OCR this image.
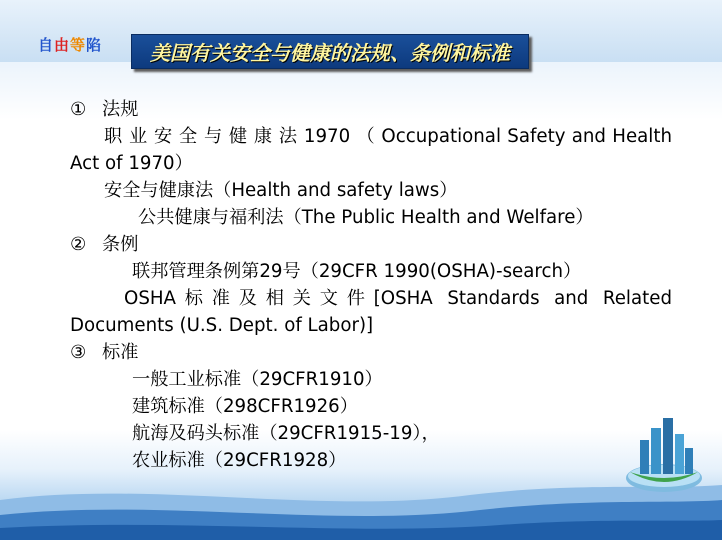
自由等陷 美国有关安全与健康的法规、条例和标准
① 法规
职 业 安 全 与 健 康 法 1970 （ Occupational Safety and Health Act of 1970）
安全与健康法（Health and safety laws）
公共健康与福利法（The Public Health and Welfare）
② 条例
联邦管理条例第29号（29CFR 1990(OSHA)-search）
OSHA标准及相关文件[OSHA Standards and Related Documents (U.S. Dept. of Labor)]
③ 标准
一般工业标准（29CFR1910）
建筑标准（298CFR1926）
航海及码头标准（29CFR1915-19），
农业标准（29CFR1928）
